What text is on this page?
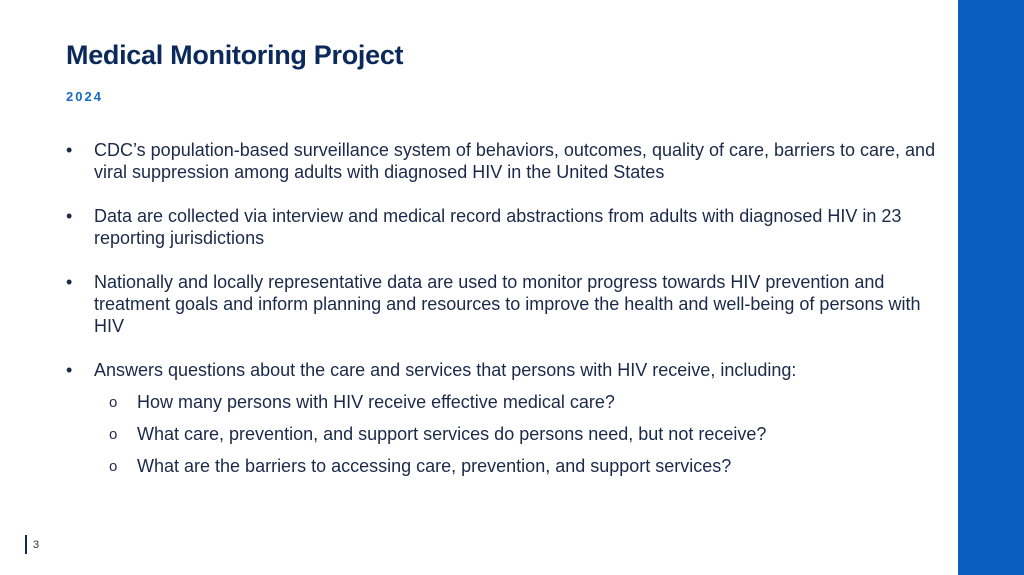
Medical Monitoring Project
2024
•	CDC’s population-based surveillance system of behaviors, outcomes, quality of care, barriers to care, and viral suppression among adults with diagnosed HIV in the United States
•	Data are collected via interview and medical record abstractions from adults with diagnosed HIV in 23 reporting jurisdictions
•	Nationally and locally representative data are used to monitor progress towards HIV prevention and treatment goals and inform planning and resources to improve the health and well-being of persons with HIV
•	Answers questions about the care and services that persons with HIV receive, including:
o How many persons with HIV receive effective medical care?
o What care, prevention, and support services do persons need, but not receive?
o What are the barriers to accessing care, prevention, and support services?
3
